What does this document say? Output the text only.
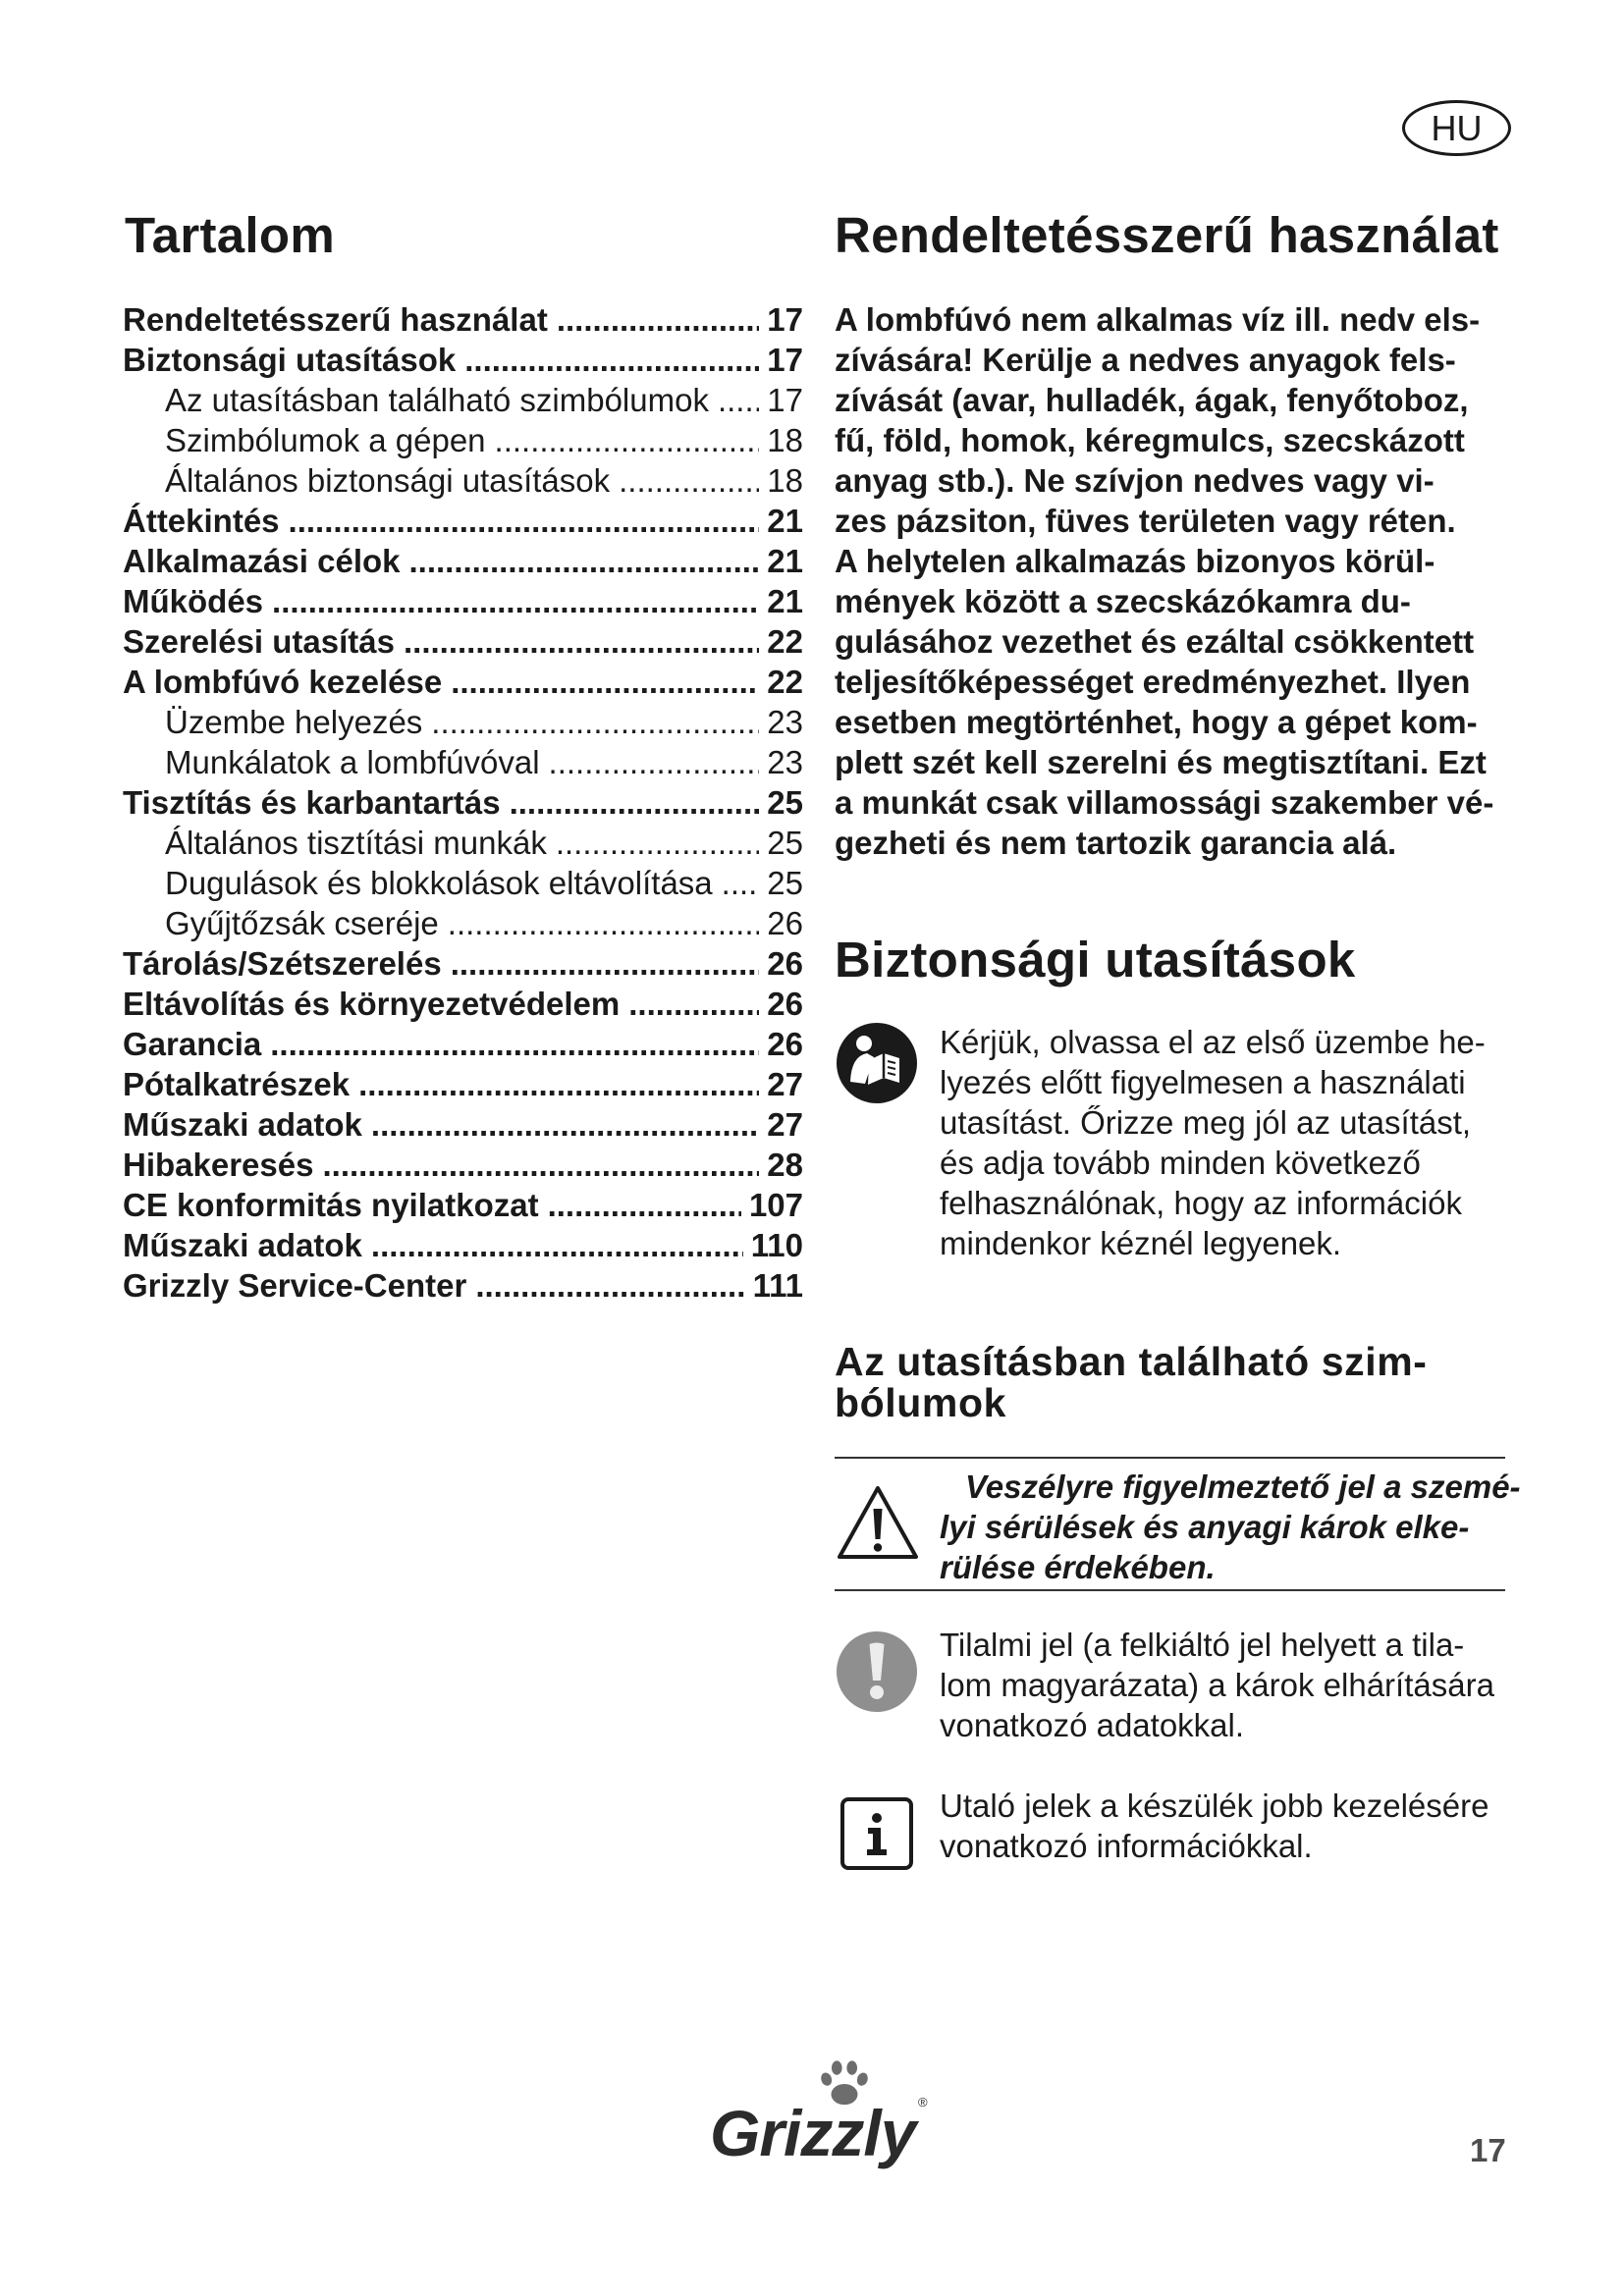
HU
Tartalom
Rendeltetésszerű használat .....	17
Biztonsági utasítások .....	17
Az utasításban található szimbólumok ..... 17
Szimbólumok a gépen .....	18
Általános biztonsági utasítások .....	18
Áttekintés .....	21
Alkalmazási célok .....	21
Működés .....	21
Szerelési utasítás .....	22
A lombfúvó kezelése .....	22
Üzembe helyezés .....	23
Munkálatok a lombfúvóval .....	23
Tisztítás és karbantartás .....	25
Általános tisztítási munkák .....	25
Dugulások és blokkolások eltávolítása ..... 25
Gyűjtőzsák cseréje .....	26
Tárolás/Szétszerelés .....	26
Eltávolítás és környezetvédelem .....	26
Garancia .....	26
Pótalkatrészek .....	27
Műszaki adatok .....	27
Hibakeresés .....	28
CE konformitás nyilatkozat .....	107
Műszaki adatok .....	110
Grizzly Service-Center .....	111
Rendeltetésszerű használat
A lombfúvó nem alkalmas víz ill. nedv els-
zívására! Kerülje a nedves anyagok fels-
zívását (avar, hulladék, ágak, fenyőtoboz,
fű, föld, homok, kéregmulcs, szecskázott
anyag stb.). Ne szívjon nedves vagy vi-
zes pázsiton, füves területen vagy réten.
A helytelen alkalmazás bizonyos körül-
mények között a szecskázókamra du-
gulásához vezethet és ezáltal csökkentett
teljesítőképességet eredményezhet. Ilyen
esetben megtörténhet, hogy a gépet kom-
plett szét kell szerelni és megtisztítani. Ezt
a munkát csak villamossági szakember vé-
gezheti és nem tartozik garancia alá.
Biztonsági utasítások
Kérjük, olvassa el az első üzembe he-
lyezés előtt figyelmesen a használati
utasítást. Őrizze meg jól az utasítást,
és adja tovább minden következő
felhasználónak, hogy az információk
mindenkor kéznél legyenek.
Az utasításban található szim-
bólumok
Veszélyre figyelmeztető jel a szemé-
lyi sérülések és anyagi károk elke-
rülése érdekében.
Tilalmi jel (a felkiáltó jel helyett a tila-
lom magyarázata) a károk elhárítására
vonatkozó adatokkal.
Utaló jelek a készülék jobb kezelésére
vonatkozó információkkal.
Grizzly ®
17
